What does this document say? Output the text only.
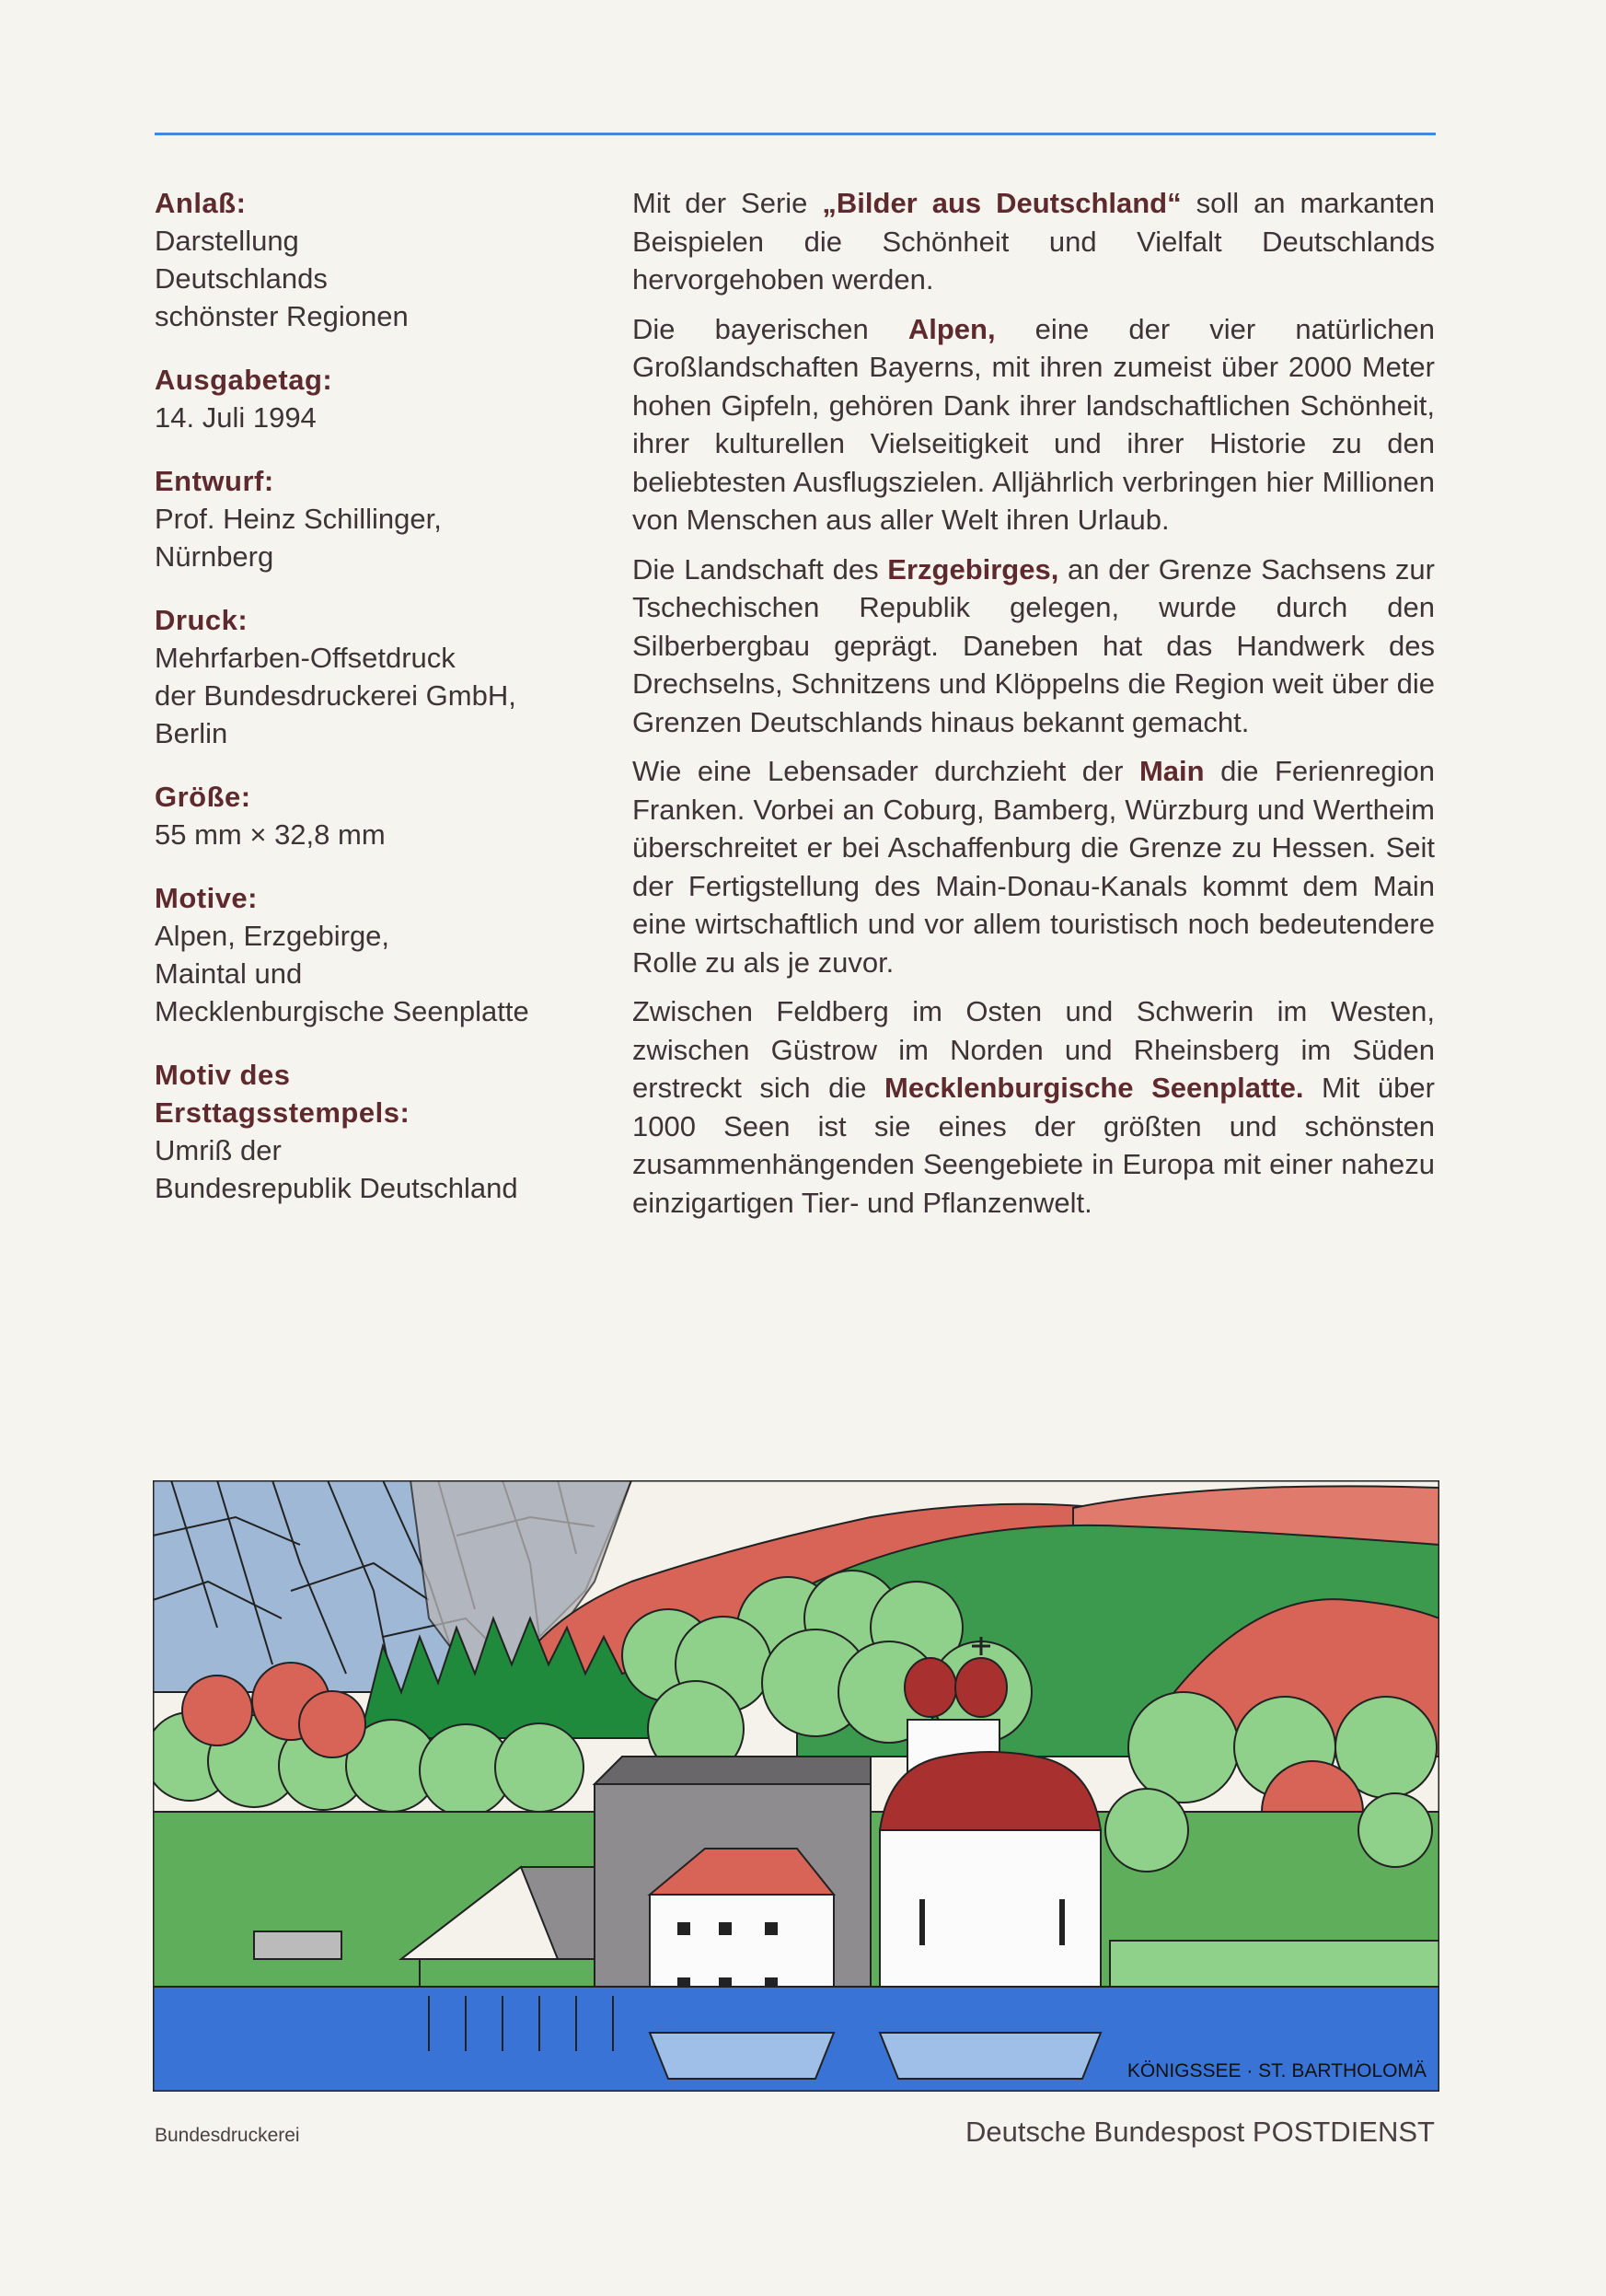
Anlaß:
Darstellung
Deutschlands
schönster Regionen
Ausgabetag:
14. Juli 1994
Entwurf:
Prof. Heinz Schillinger,
Nürnberg
Druck:
Mehrfarben-Offsetdruck
der Bundesdruckerei GmbH,
Berlin
Größe:
55 mm × 32,8 mm
Motive:
Alpen, Erzgebirge,
Maintal und
Mecklenburgische Seenplatte
Motiv des
Ersttagsstempels:
Umriß der
Bundesrepublik Deutschland

Mit der Serie „Bilder aus Deutschland“ soll an markanten Beispielen die Schönheit und Vielfalt Deutschlands hervorgehoben werden.

Die bayerischen Alpen, eine der vier natürlichen Großlandschaften Bayerns, mit ihren zumeist über 2000 Meter hohen Gipfeln, gehören Dank ihrer landschaftlichen Schönheit, ihrer kulturellen Vielseitigkeit und ihrer Historie zu den beliebtesten Ausflugszielen. Alljährlich verbringen hier Millionen von Menschen aus aller Welt ihren Urlaub.

Die Landschaft des Erzgebirges, an der Grenze Sachsens zur Tschechischen Republik gelegen, wurde durch den Silberbergbau geprägt. Daneben hat das Handwerk des Drechselns, Schnitzens und Klöppelns die Region weit über die Grenzen Deutschlands hinaus bekannt gemacht.

Wie eine Lebensader durchzieht der Main die Ferienregion Franken. Vorbei an Coburg, Bamberg, Würzburg und Wertheim überschreitet er bei Aschaffenburg die Grenze zu Hessen. Seit der Fertigstellung des Main-Donau-Kanals kommt dem Main eine wirtschaftlich und vor allem touristisch noch bedeutendere Rolle zu als je zuvor.

Zwischen Feldberg im Osten und Schwerin im Westen, zwischen Güstrow im Norden und Rheinsberg im Süden erstreckt sich die Mecklenburgische Seenplatte. Mit über 1000 Seen ist sie eines der größten und schönsten zusammenhängenden Seengebiete in Europa mit einer nahezu einzigartigen Tier- und Pflanzenwelt.

KÖNIGSSEE · ST. BARTHOLOMÄ
Bundesdruckerei	Deutsche Bundespost POSTDIENST
